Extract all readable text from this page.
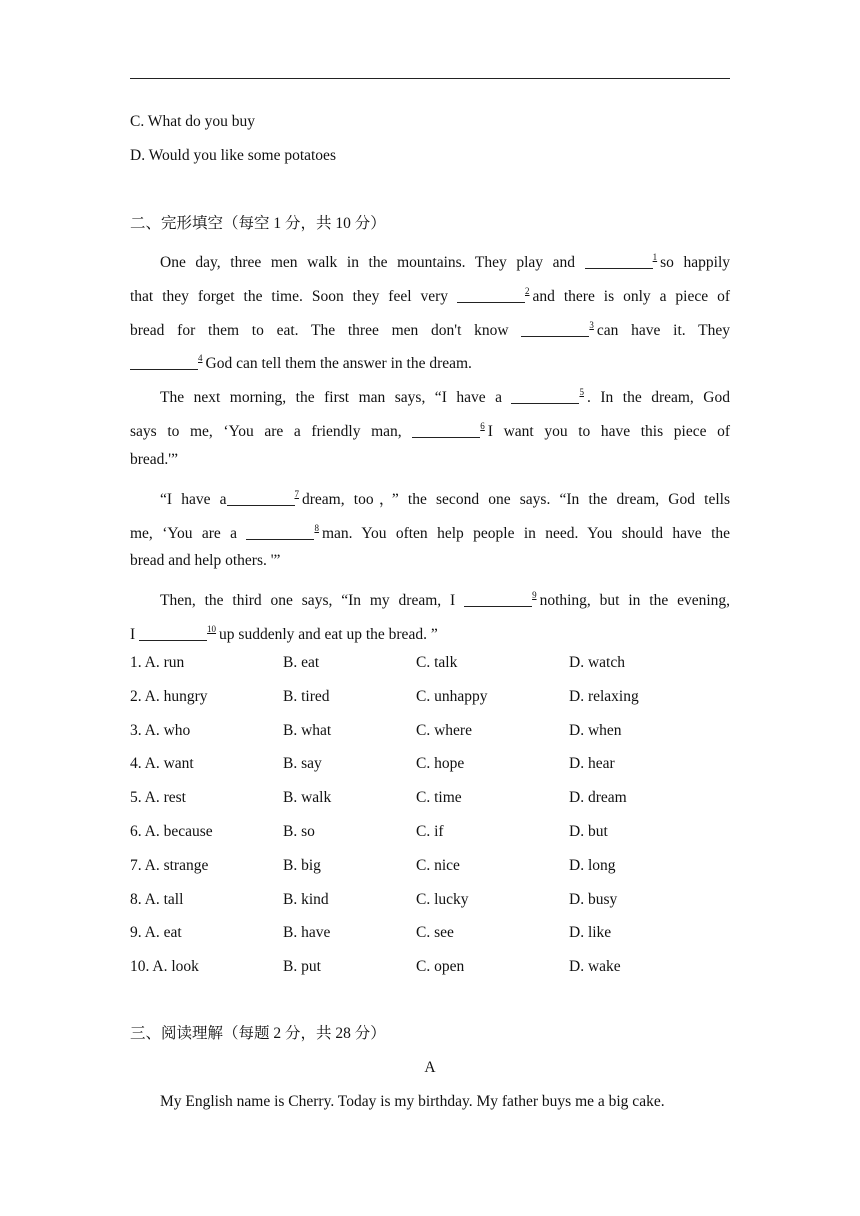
C. What do you buy
D. Would you like some potatoes
二、完形填空（每空 1 分，共 10 分）
One day, three men walk in the mountains. They play and	$^1$ so happily
that they forget the time. Soon they feel very	$^2$ and there is only a piece of
bread for them to eat. The three men don't know	$^3$ can have it. They
$^4$ God can tell them the answer in the dream.
The next morning, the first man says, “I have a	$^5$ . In the dream, God
says to me, ‘You are a friendly man,	$^6$ I want you to have this piece of
bread.'”
“I have a	$^7$ dream, too，” the second one says. “In the dream, God tells
me, ‘You are a	$^8$ man. You often help people in need. You should have the
bread and help others. '”
Then, the third one says, “In my dream, I	$^9$ nothing, but in the evening,
I	$^{10}$ up suddenly and eat up the bread. ”
1. A. run	B. eat	C. talk	D. watch
2. A. hungry	B. tired	C. unhappy	D. relaxing
3. A. who	B. what	C. where	D. when
4. A. want	B. say	C. hope	D. hear
5. A. rest	B. walk	C. time	D. dream
6. A. because	B. so	C. if	D. but
7. A. strange	B. big	C. nice	D. long
8. A. tall	B. kind	C. lucky	D. busy
9. A. eat	B. have	C. see	D. like
10. A. look	B. put	C. open	D. wake
三、阅读理解（每题 2 分，共 28 分）
A
My English name is Cherry. Today is my birthday. My father buys me a big cake.
